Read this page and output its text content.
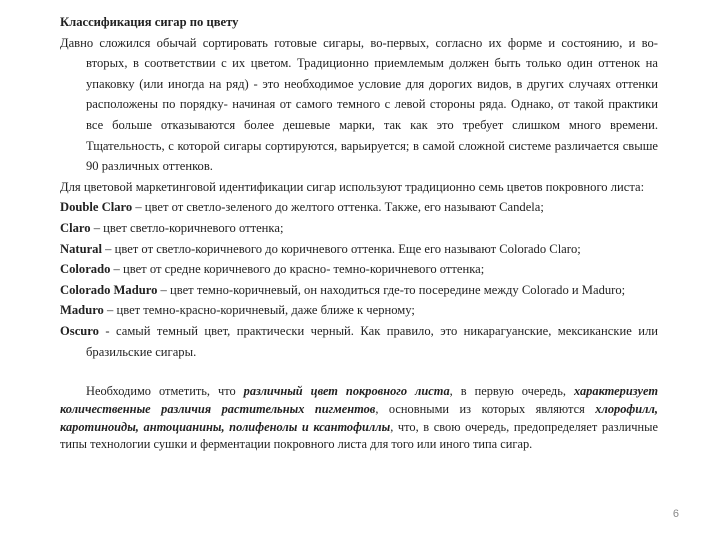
Классификация сигар по цвету
Давно сложился обычай сортировать готовые сигары, во-первых, согласно их форме и состоянию, и во-вторых, в соответствии с их цветом. Традиционно приемлемым должен быть только один оттенок на упаковку (или иногда на ряд) - это необходимое условие для дорогих видов, в других случаях оттенки расположены по порядку- начиная от самого темного с левой стороны ряда. Однако, от такой практики все больше отказываются более дешевые марки, так как это требует слишком много времени. Тщательность, с которой сигары сортируются, варьируется; в самой сложной системе различается свыше 90 различных оттенков.
Для цветовой маркетинговой идентификации сигар используют традиционно семь цветов покровного листа:
Double Claro – цвет от светло-зеленого до желтого оттенка. Также, его называют Candela;
Claro – цвет светло-коричневого оттенка;
Natural – цвет от светло-коричневого до коричневого оттенка. Еще его называют Colorado Claro;
Colorado – цвет от средне коричневого до красно- темно-коричневого оттенка;
Colorado Maduro – цвет темно-коричневый, он находиться где-то посередине между Colorado и Maduro;
Maduro – цвет темно-красно-коричневый, даже ближе к черному;
Oscuro - самый темный цвет, практически черный. Как правило, это никарагуанские, мексиканские или бразильские сигары.
Необходимо отметить, что различный цвет покровного листа, в первую очередь, характеризует количественные различия растительных пигментов, основными из которых являются хлорофилл, каротиноиды, антоцианины, полифенолы и ксантофиллы, что, в свою очередь, предопределяет различные типы технологии сушки и ферментации покровного листа для того или иного типа сигар.
6
